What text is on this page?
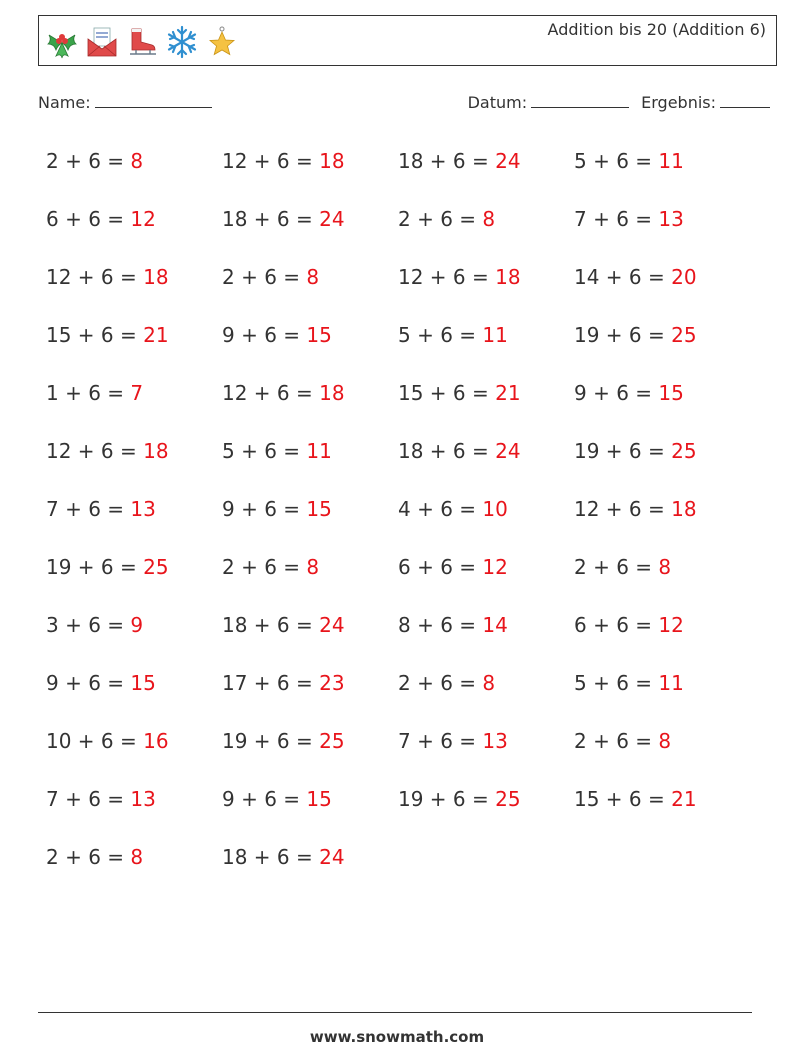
Addition bis 20 (Addition 6)
Name:	Datum:	Ergebnis:
2 + 6 = 8	12 + 6 = 18	18 + 6 = 24	5 + 6 = 11
6 + 6 = 12	18 + 6 = 24	2 + 6 = 8	7 + 6 = 13
12 + 6 = 18	2 + 6 = 8	12 + 6 = 18	14 + 6 = 20
15 + 6 = 21	9 + 6 = 15	5 + 6 = 11	19 + 6 = 25
1 + 6 = 7	12 + 6 = 18	15 + 6 = 21	9 + 6 = 15
12 + 6 = 18	5 + 6 = 11	18 + 6 = 24	19 + 6 = 25
7 + 6 = 13	9 + 6 = 15	4 + 6 = 10	12 + 6 = 18
19 + 6 = 25	2 + 6 = 8	6 + 6 = 12	2 + 6 = 8
3 + 6 = 9	18 + 6 = 24	8 + 6 = 14	6 + 6 = 12
9 + 6 = 15	17 + 6 = 23	2 + 6 = 8	5 + 6 = 11
10 + 6 = 16	19 + 6 = 25	7 + 6 = 13	2 + 6 = 8
7 + 6 = 13	9 + 6 = 15	19 + 6 = 25	15 + 6 = 21
2 + 6 = 8	18 + 6 = 24
www.snowmath.com
